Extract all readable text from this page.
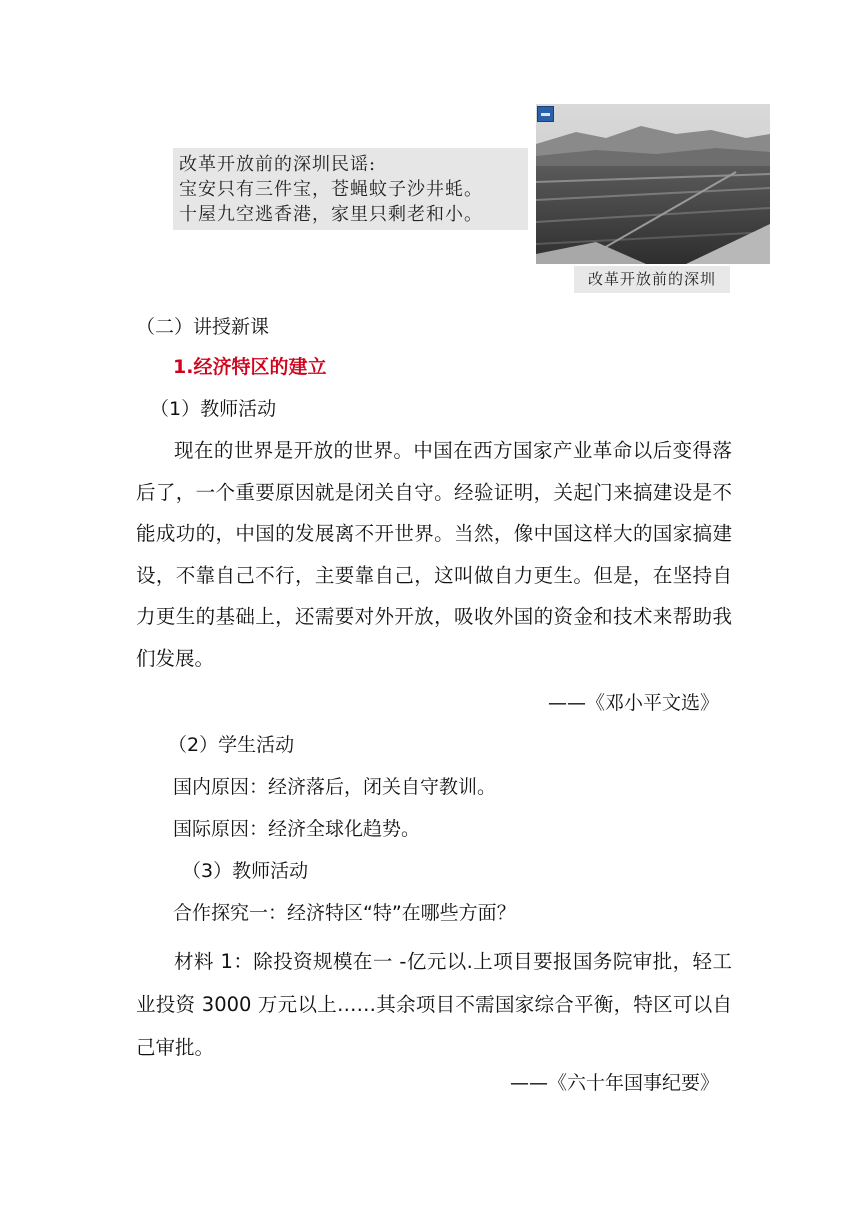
改革开放前的深圳民谣:
宝安只有三件宝，苍蝇蚊子沙井蚝。
十屋九空逃香港，家里只剩老和小。
改革开放前的深圳
（二）讲授新课
1.经济特区的建立
（1）教师活动
现在的世界是开放的世界。中国在西方国家产业革命以后变得落后了，一个重要原因就是闭关自守。经验证明，关起门来搞建设是不能成功的，中国的发展离不开世界。当然，像中国这样大的国家搞建设，不靠自己不行，主要靠自己，这叫做自力更生。但是，在坚持自力更生的基础上，还需要对外开放，吸收外国的资金和技术来帮助我们发展。
——《邓小平文选》
（2）学生活动
国内原因：经济落后，闭关自守教训。
国际原因：经济全球化趋势。
（3）教师活动
合作探究一：经济特区“特”在哪些方面？
材料 1：除投资规模在一 -亿元以.上项目要报国务院审批，轻工业投资 3000 万元以上……其余项目不需国家综合平衡，特区可以自己审批。
——《六十年国事纪要》
